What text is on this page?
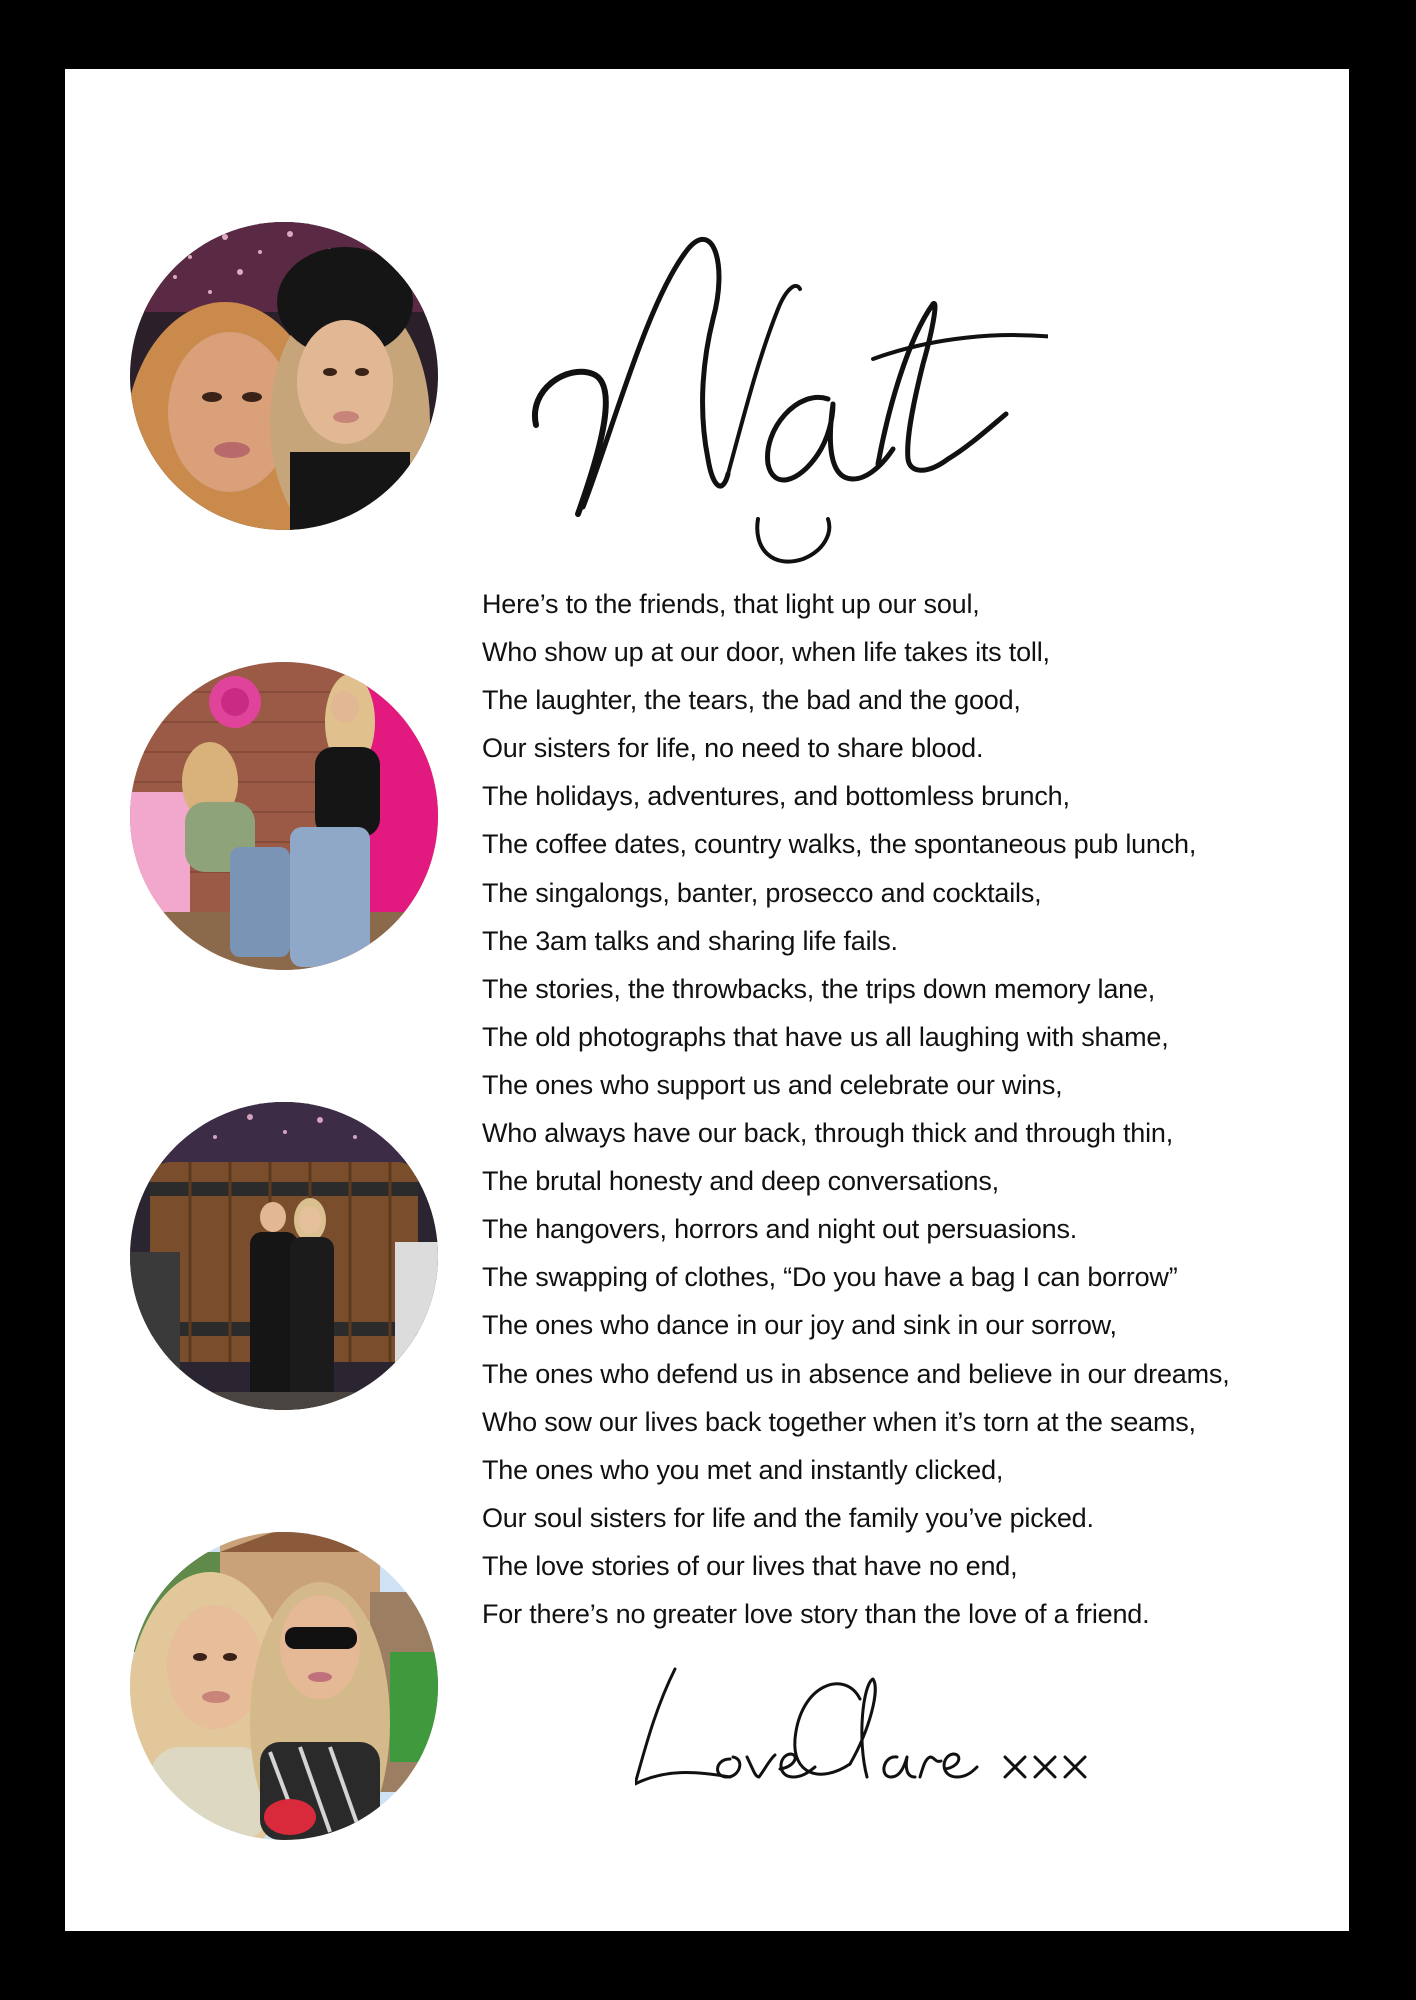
Here’s to the friends, that light up our soul,
Who show up at our door, when life takes its toll,
The laughter, the tears, the bad and the good,
Our sisters for life, no need to share blood.
The holidays, adventures, and bottomless brunch,
The coffee dates, country walks, the spontaneous pub lunch,
The singalongs, banter, prosecco and cocktails,
The 3am talks and sharing life fails.
The stories, the throwbacks, the trips down memory lane,
The old photographs that have us all laughing with shame,
The ones who support us and celebrate our wins,
Who always have our back, through thick and through thin,
The brutal honesty and deep conversations,
The hangovers, horrors and night out persuasions.
The swapping of clothes, “Do you have a bag I can borrow”
The ones who dance in our joy and sink in our sorrow,
The ones who defend us in absence and believe in our dreams,
Who sow our lives back together when it’s torn at the seams,
The ones who you met and instantly clicked,
Our soul sisters for life and the family you’ve picked.
The love stories of our lives that have no end,
For there’s no greater love story than the love of a friend.
